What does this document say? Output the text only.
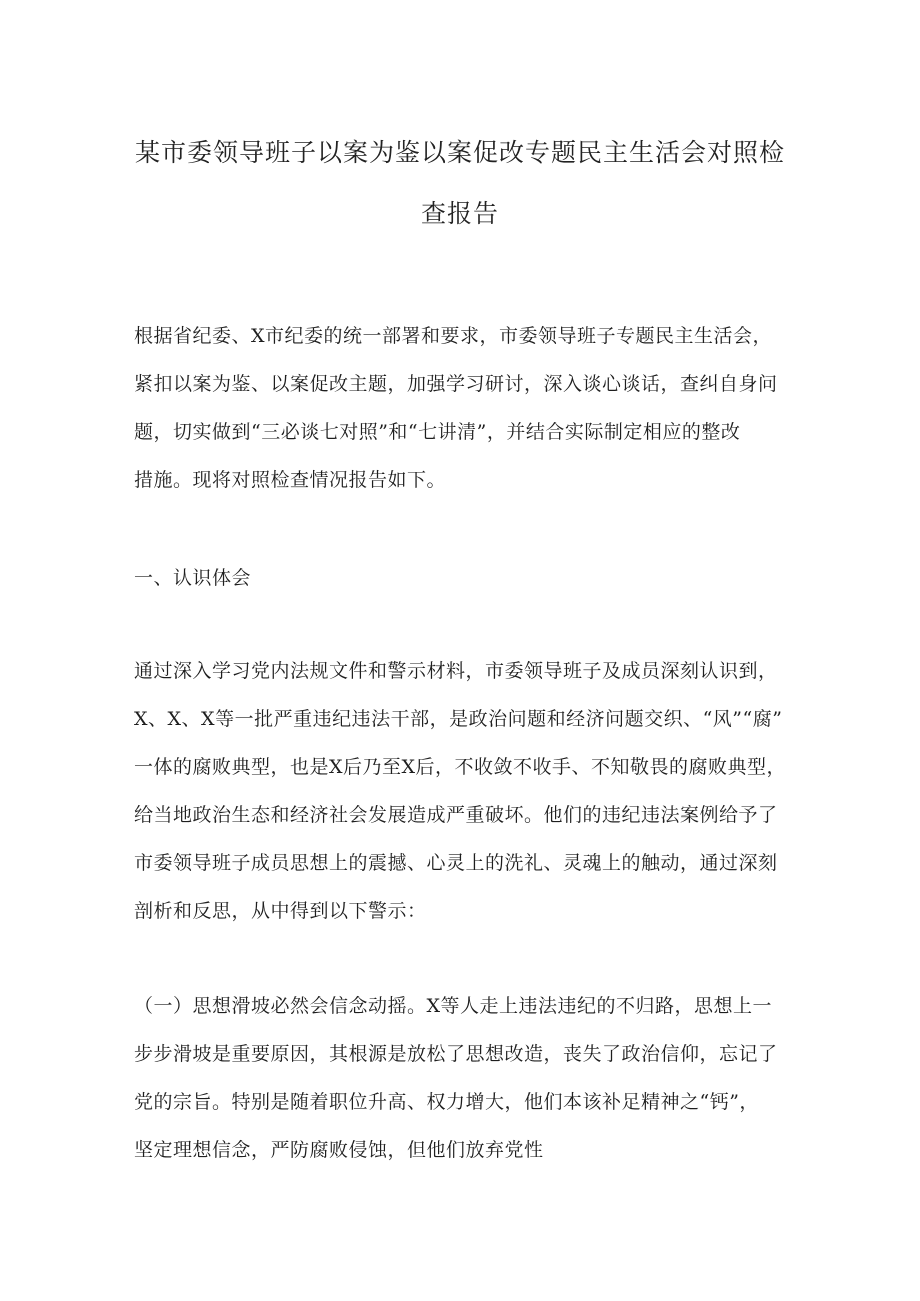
某市委领导班子以案为鉴以案促改专题民主生活会对照检
查报告
根据省纪委、X市纪委的统一部署和要求，市委领导班子专题民主生活会，
紧扣以案为鉴、以案促改主题，加强学习研讨，深入谈心谈话，查纠自身问
题，切实做到“三必谈七对照”和“七讲清”，并结合实际制定相应的整改
措施。现将对照检查情况报告如下。
一、认识体会
通过深入学习党内法规文件和警示材料，市委领导班子及成员深刻认识到，
X、X、X等一批严重违纪违法干部，是政治问题和经济问题交织、“风”“腐”
一体的腐败典型，也是X后乃至X后，不收敛不收手、不知敬畏的腐败典型，
给当地政治生态和经济社会发展造成严重破坏。他们的违纪违法案例给予了
市委领导班子成员思想上的震撼、心灵上的洗礼、灵魂上的触动，通过深刻
剖析和反思，从中得到以下警示：
（一）思想滑坡必然会信念动摇。X等人走上违法违纪的不归路，思想上一
步步滑坡是重要原因，其根源是放松了思想改造，丧失了政治信仰，忘记了
党的宗旨。特别是随着职位升高、权力增大，他们本该补足精神之“钙”，
坚定理想信念，严防腐败侵蚀，但他们放弃党性
